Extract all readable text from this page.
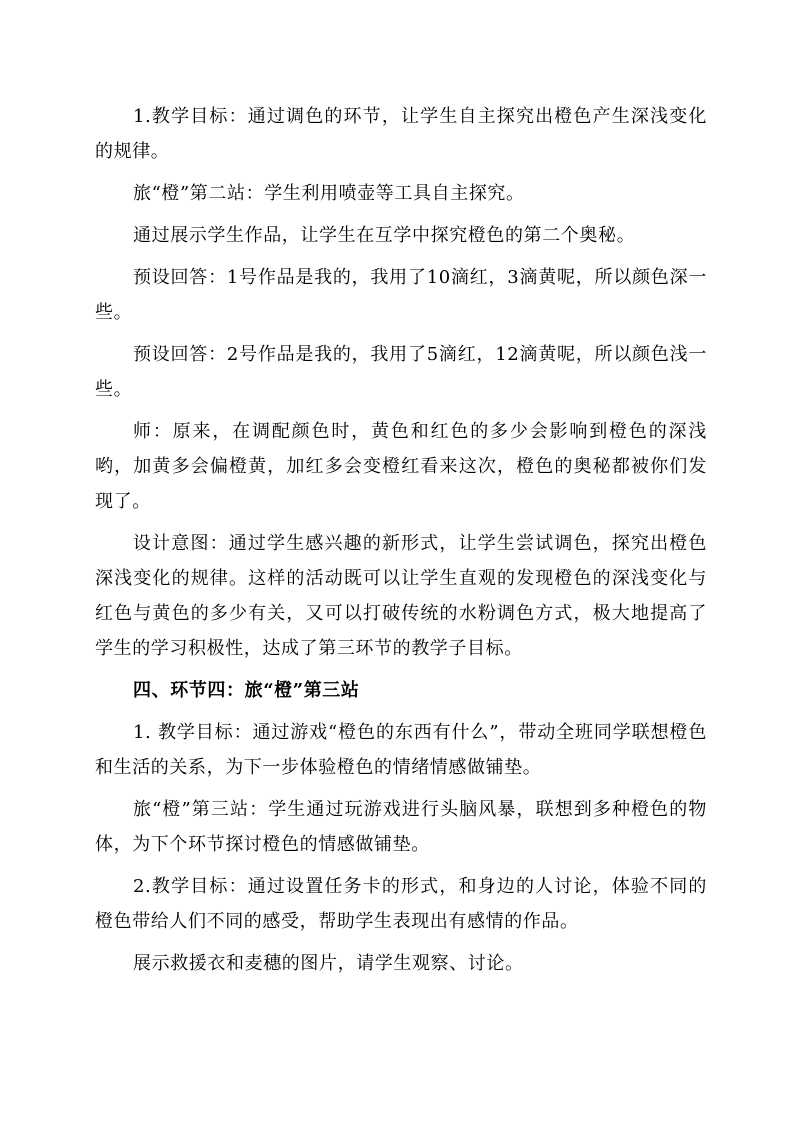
1.教学目标：通过调色的环节，让学生自主探究出橙色产生深浅变化的规律。

旅“橙”第二站：学生利用喷壶等工具自主探究。

通过展示学生作品，让学生在互学中探究橙色的第二个奥秘。

预设回答：1号作品是我的，我用了10滴红，3滴黄呢，所以颜色深一些。

预设回答：2号作品是我的，我用了5滴红，12滴黄呢，所以颜色浅一些。

师：原来，在调配颜色时，黄色和红色的多少会影响到橙色的深浅哟，加黄多会偏橙黄，加红多会变橙红看来这次，橙色的奥秘都被你们发现了。

设计意图：通过学生感兴趣的新形式，让学生尝试调色，探究出橙色深浅变化的规律。这样的活动既可以让学生直观的发现橙色的深浅变化与红色与黄色的多少有关，又可以打破传统的水粉调色方式，极大地提高了学生的学习积极性，达成了第三环节的教学子目标。

四、环节四：旅“橙”第三站

1. 教学目标：通过游戏“橙色的东西有什么”，带动全班同学联想橙色和生活的关系，为下一步体验橙色的情绪情感做铺垫。

旅“橙”第三站：学生通过玩游戏进行头脑风暴，联想到多种橙色的物体，为下个环节探讨橙色的情感做铺垫。

2.教学目标：通过设置任务卡的形式，和身边的人讨论，体验不同的橙色带给人们不同的感受，帮助学生表现出有感情的作品。

展示救援衣和麦穗的图片，请学生观察、讨论。
